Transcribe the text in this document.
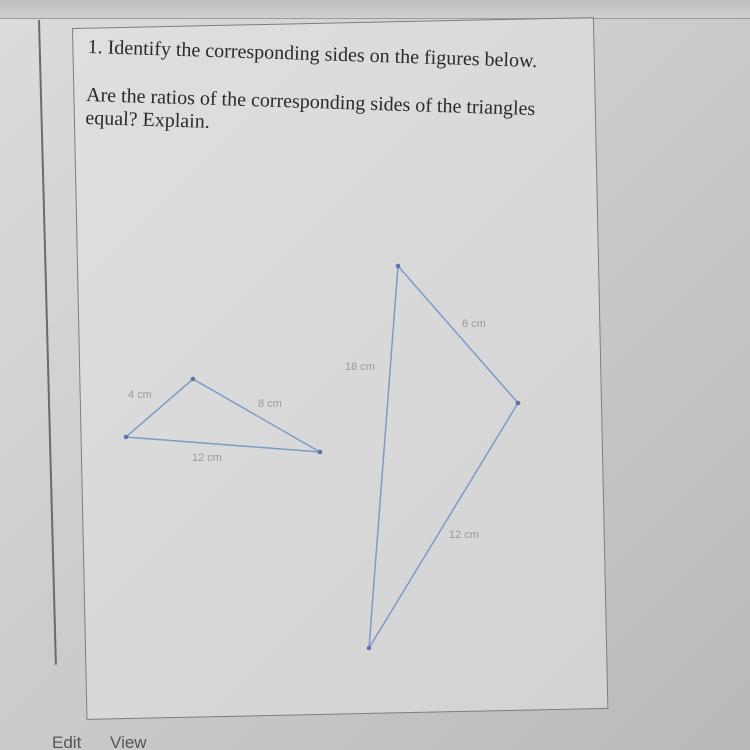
1. Identify the corresponding sides on the figures below.

Are the ratios of the corresponding sides of the triangles equal? Explain.

4 cm
8 cm
12 cm
6 cm
18 cm
12 cm
Edit View
